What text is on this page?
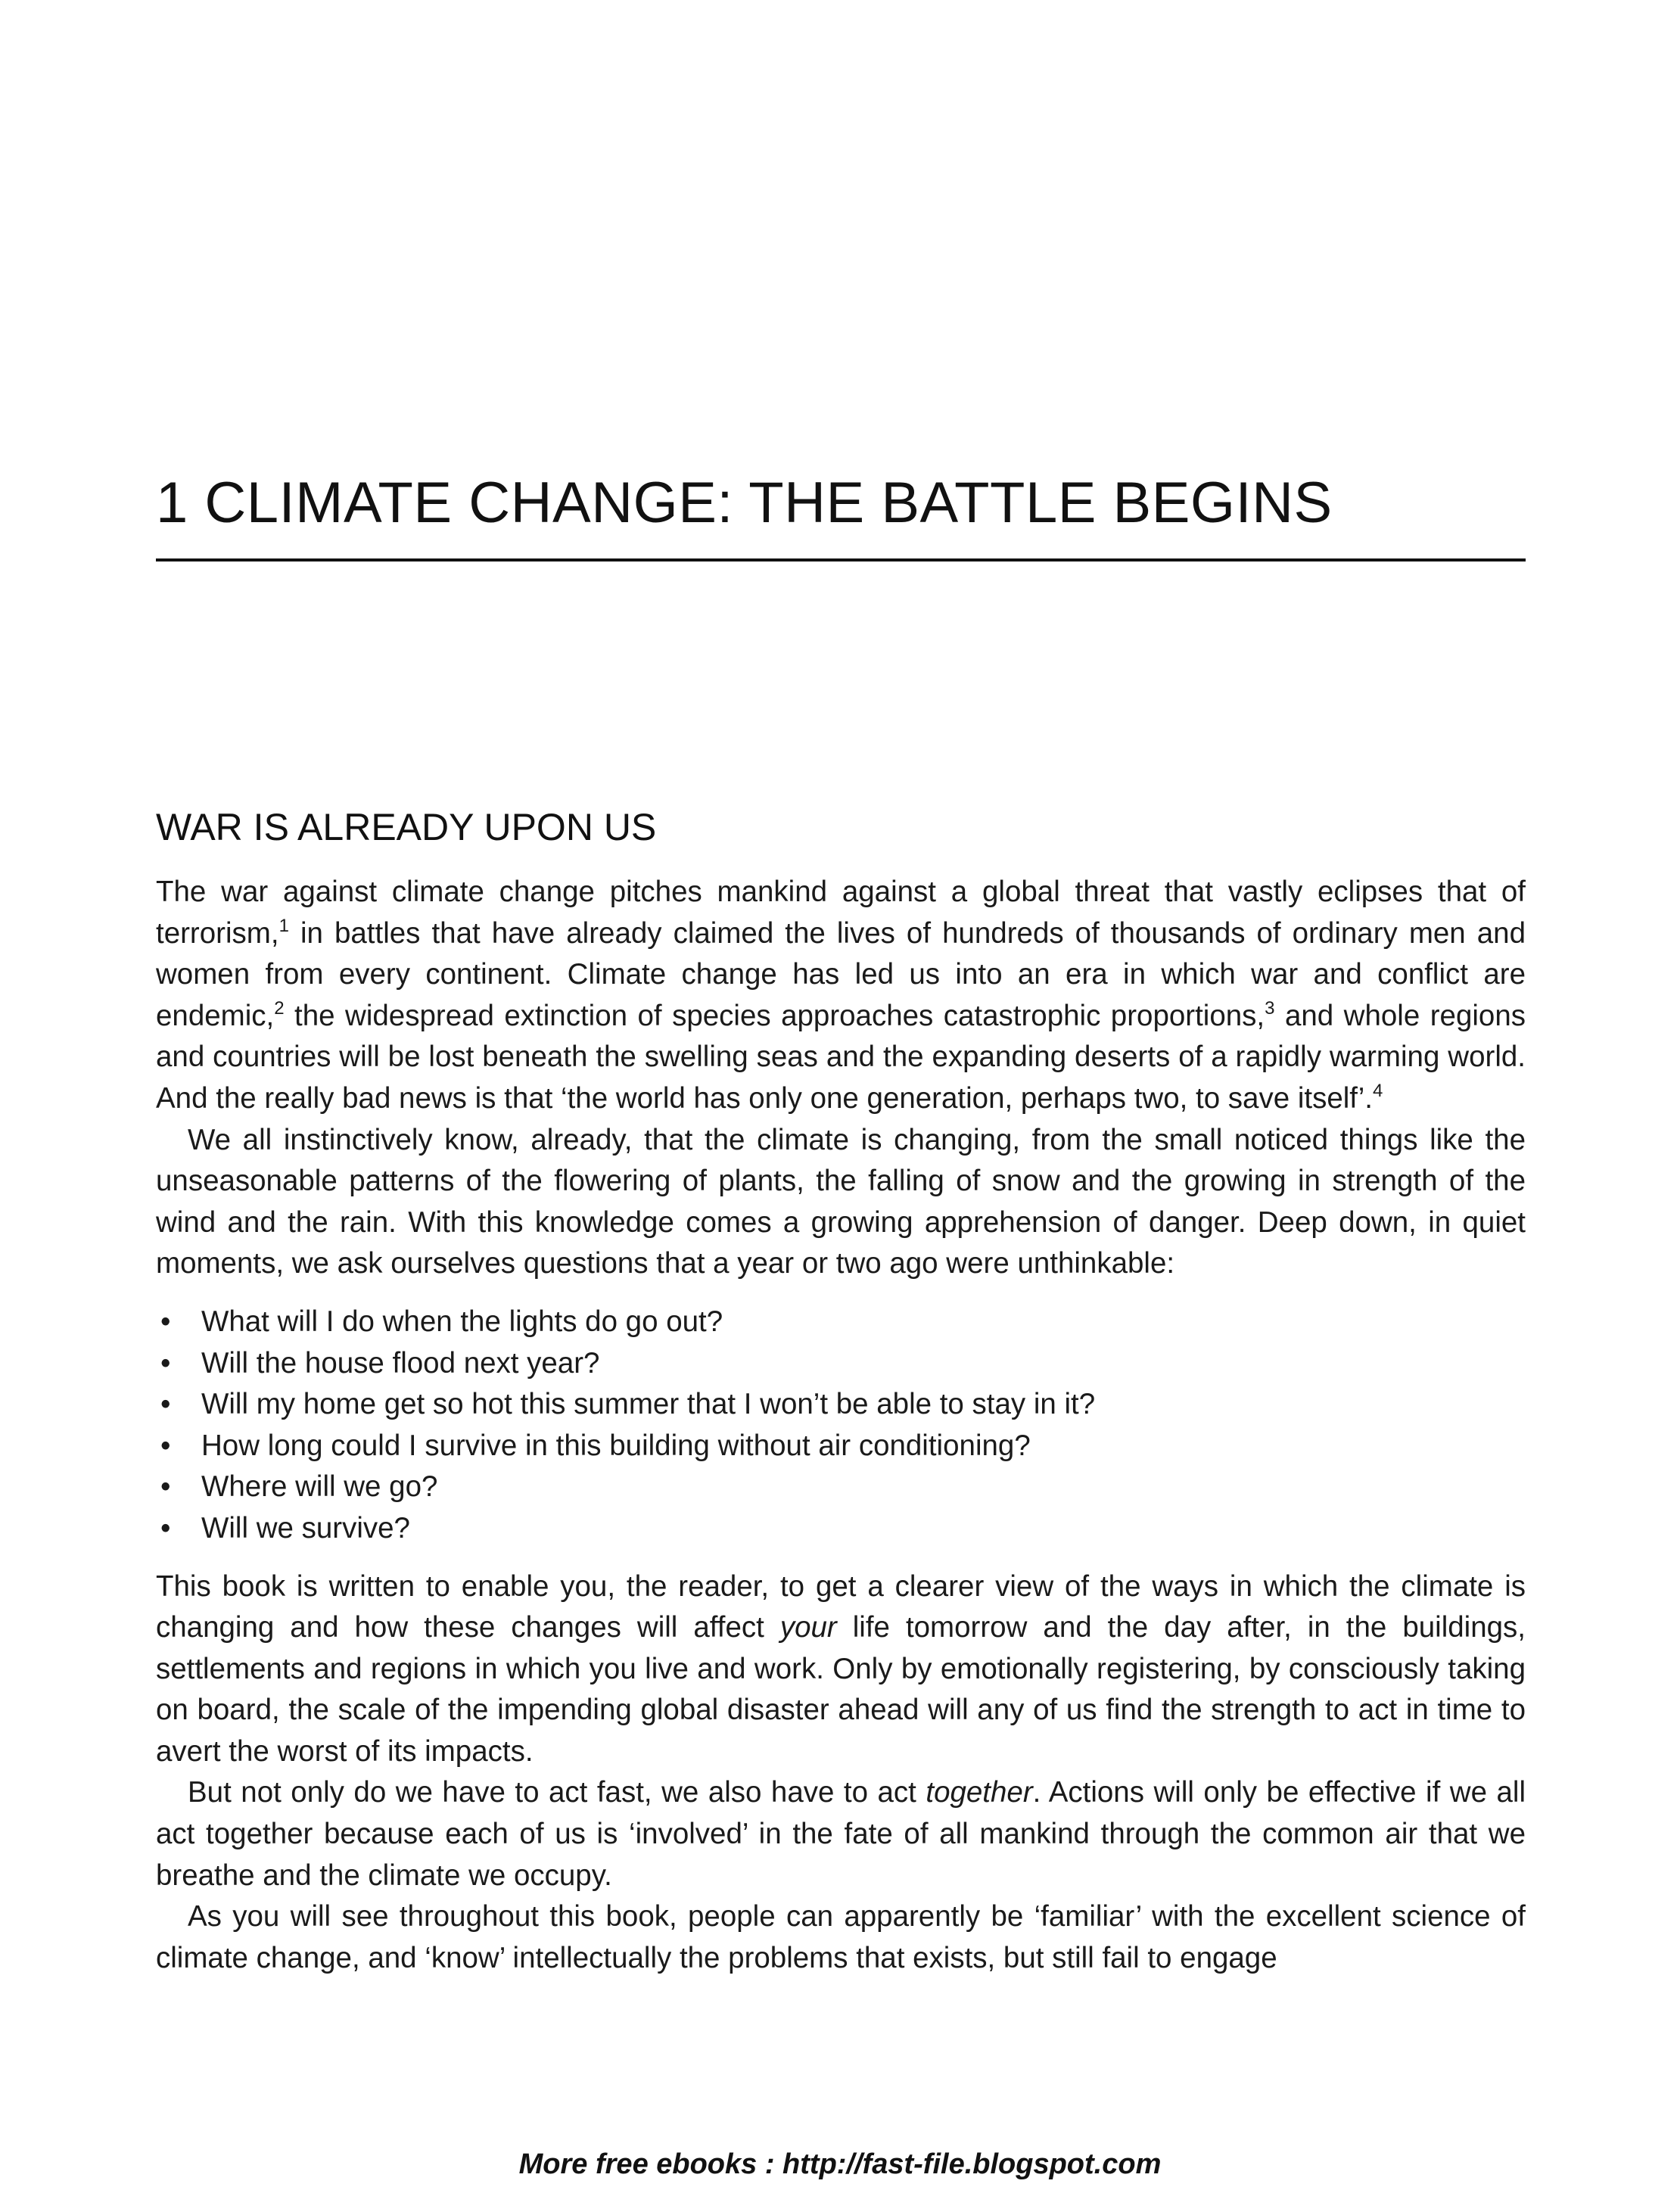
1 CLIMATE CHANGE: THE BATTLE BEGINS
WAR IS ALREADY UPON US

The war against climate change pitches mankind against a global threat that vastly eclipses that of terrorism,$^1$ in battles that have already claimed the lives of hundreds of thousands of ordinary men and women from every continent. Climate change has led us into an era in which war and conflict are endemic,$^2$ the widespread extinction of species approaches catastrophic proportions,$^3$ and whole regions and countries will be lost beneath the swelling seas and the expanding deserts of a rapidly warming world. And the really bad news is that ‘the world has only one generation, perhaps two, to save itself’.$^4$

We all instinctively know, already, that the climate is changing, from the small noticed things like the unseasonable patterns of the flowering of plants, the falling of snow and the growing in strength of the wind and the rain. With this knowledge comes a growing apprehension of danger. Deep down, in quiet moments, we ask ourselves questions that a year or two ago were unthinkable:

• What will I do when the lights do go out?
• Will the house flood next year?
• Will my home get so hot this summer that I won’t be able to stay in it?
• How long could I survive in this building without air conditioning?
• Where will we go?
• Will we survive?

This book is written to enable you, the reader, to get a clearer view of the ways in which the climate is changing and how these changes will affect your life tomorrow and the day after, in the buildings, settlements and regions in which you live and work. Only by emotionally registering, by consciously taking on board, the scale of the impending global disaster ahead will any of us find the strength to act in time to avert the worst of its impacts.

But not only do we have to act fast, we also have to act together. Actions will only be effective if we all act together because each of us is ‘involved’ in the fate of all mankind through the common air that we breathe and the climate we occupy.

As you will see throughout this book, people can apparently be ‘familiar’ with the excellent science of climate change, and ‘know’ intellectually the problems that exists, but still fail to engage

More free ebooks : http://fast-file.blogspot.com
